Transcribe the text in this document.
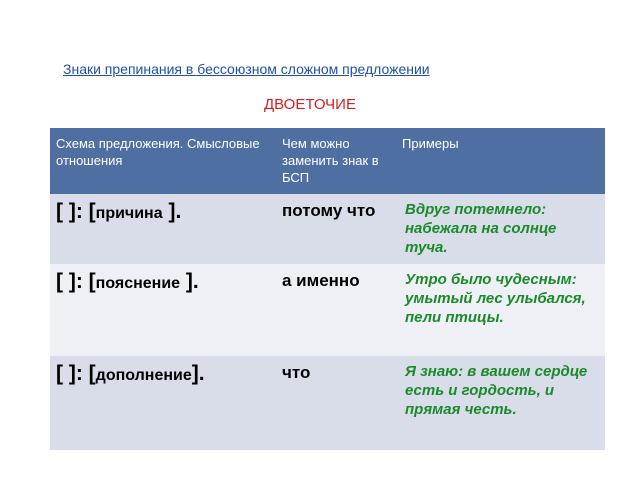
Знаки препинания в бессоюзном сложном предложении
ДВОЕТОЧИЕ
Схема предложения. Смысловые отношения	Чем можно заменить знак в БСП	Примеры
[ ]: [причина ].	потому что	Вдруг потемнело: набежала на солнце туча.
[ ]: [пояснение ].	а именно	Утро было чудесным: умытый лес улыбался, пели птицы.
[ ]: [дополнение].	что	Я знаю: в вашем сердце есть и гордость, и прямая честь.
